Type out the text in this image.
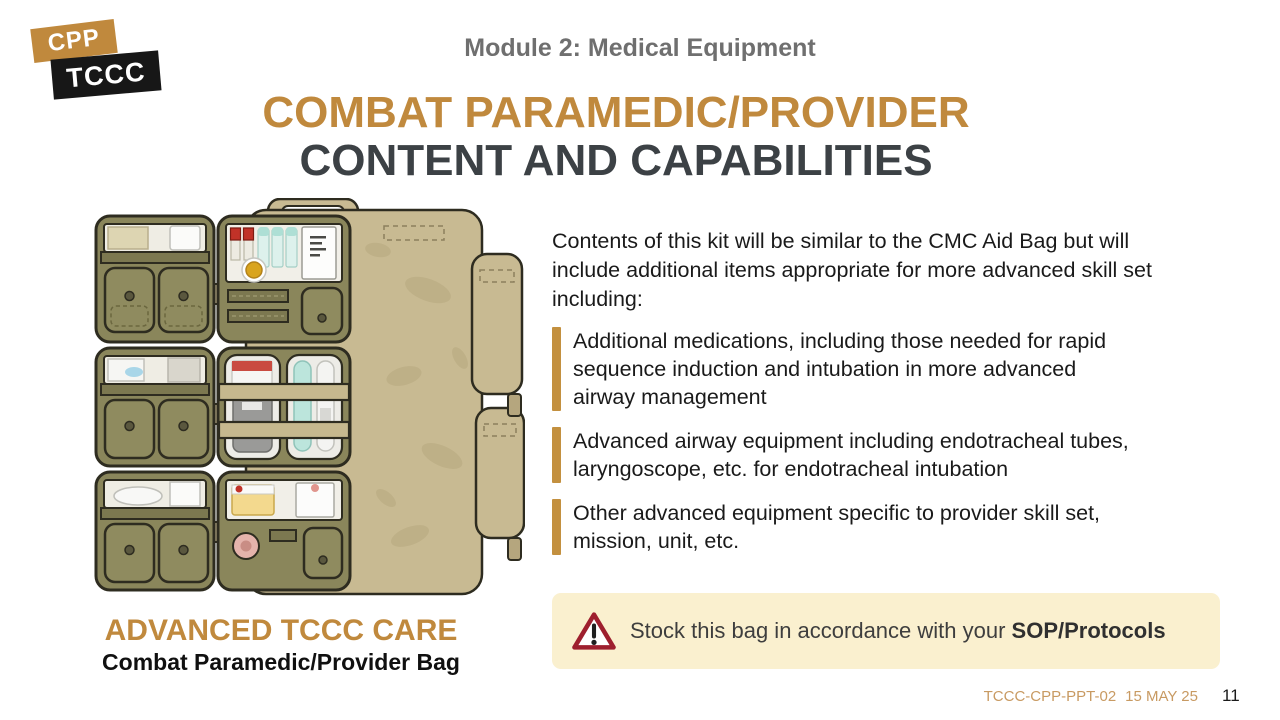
CPP
TCCC
Module 2: Medical Equipment
COMBAT PARAMEDIC/PROVIDER
CONTENT AND CAPABILITIES
ADVANCED TCCC CARE
Combat Paramedic/Provider Bag

Contents of this kit will be similar to the CMC Aid Bag but will include additional items appropriate for more advanced skill set including:

Additional medications, including those needed for rapid sequence induction and intubation in more advanced airway management
Advanced airway equipment including endotracheal tubes, laryngoscope, etc. for endotracheal intubation
Other advanced equipment specific to provider skill set, mission, unit, etc.
Stock this bag in accordance with your SOP/Protocols
TCCC-CPP-PPT-02 15 MAY 25 11
